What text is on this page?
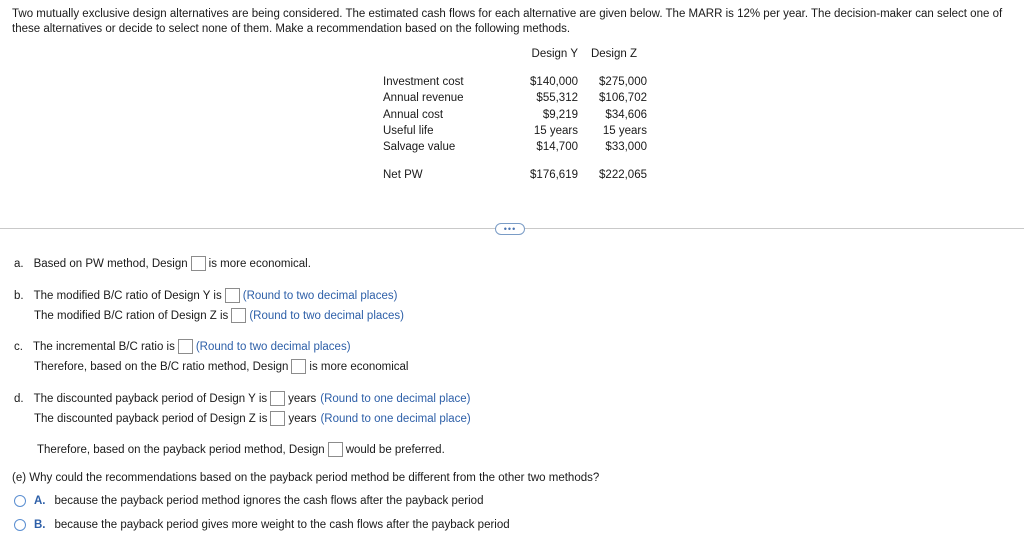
Two mutually exclusive design alternatives are being considered. The estimated cash flows for each alternative are given below. The MARR is 12% per year. The decision-maker can select one of these alternatives or decide to select none of them. Make a recommendation based on the following methods.
Design Y Design Z
Investment cost	$140,000 $275,000
Annual revenue	$55,312 $106,702
Annual cost	$9,219 $34,606
Useful life	15 years 15 years
Salvage value	$14,700 $33,000
Net PW	$176,619 $222,065
•••
a. Based on PW method, Design is more economical.
b. The modified B/C ratio of Design Y is (Round to two decimal places)
The modified B/C ration of Design Z is (Round to two decimal places)
c. The incremental B/C ratio is (Round to two decimal places)
Therefore, based on the B/C ratio method, Design is more economical
d. The discounted payback period of Design Y is years (Round to one decimal place)
The discounted payback period of Design Z is years (Round to one decimal place)
Therefore, based on the payback period method, Design would be preferred.
(e) Why could the recommendations based on the payback period method be different from the other two methods?
A. because the payback period method ignores the cash flows after the payback period
B. because the payback period gives more weight to the cash flows after the payback period
